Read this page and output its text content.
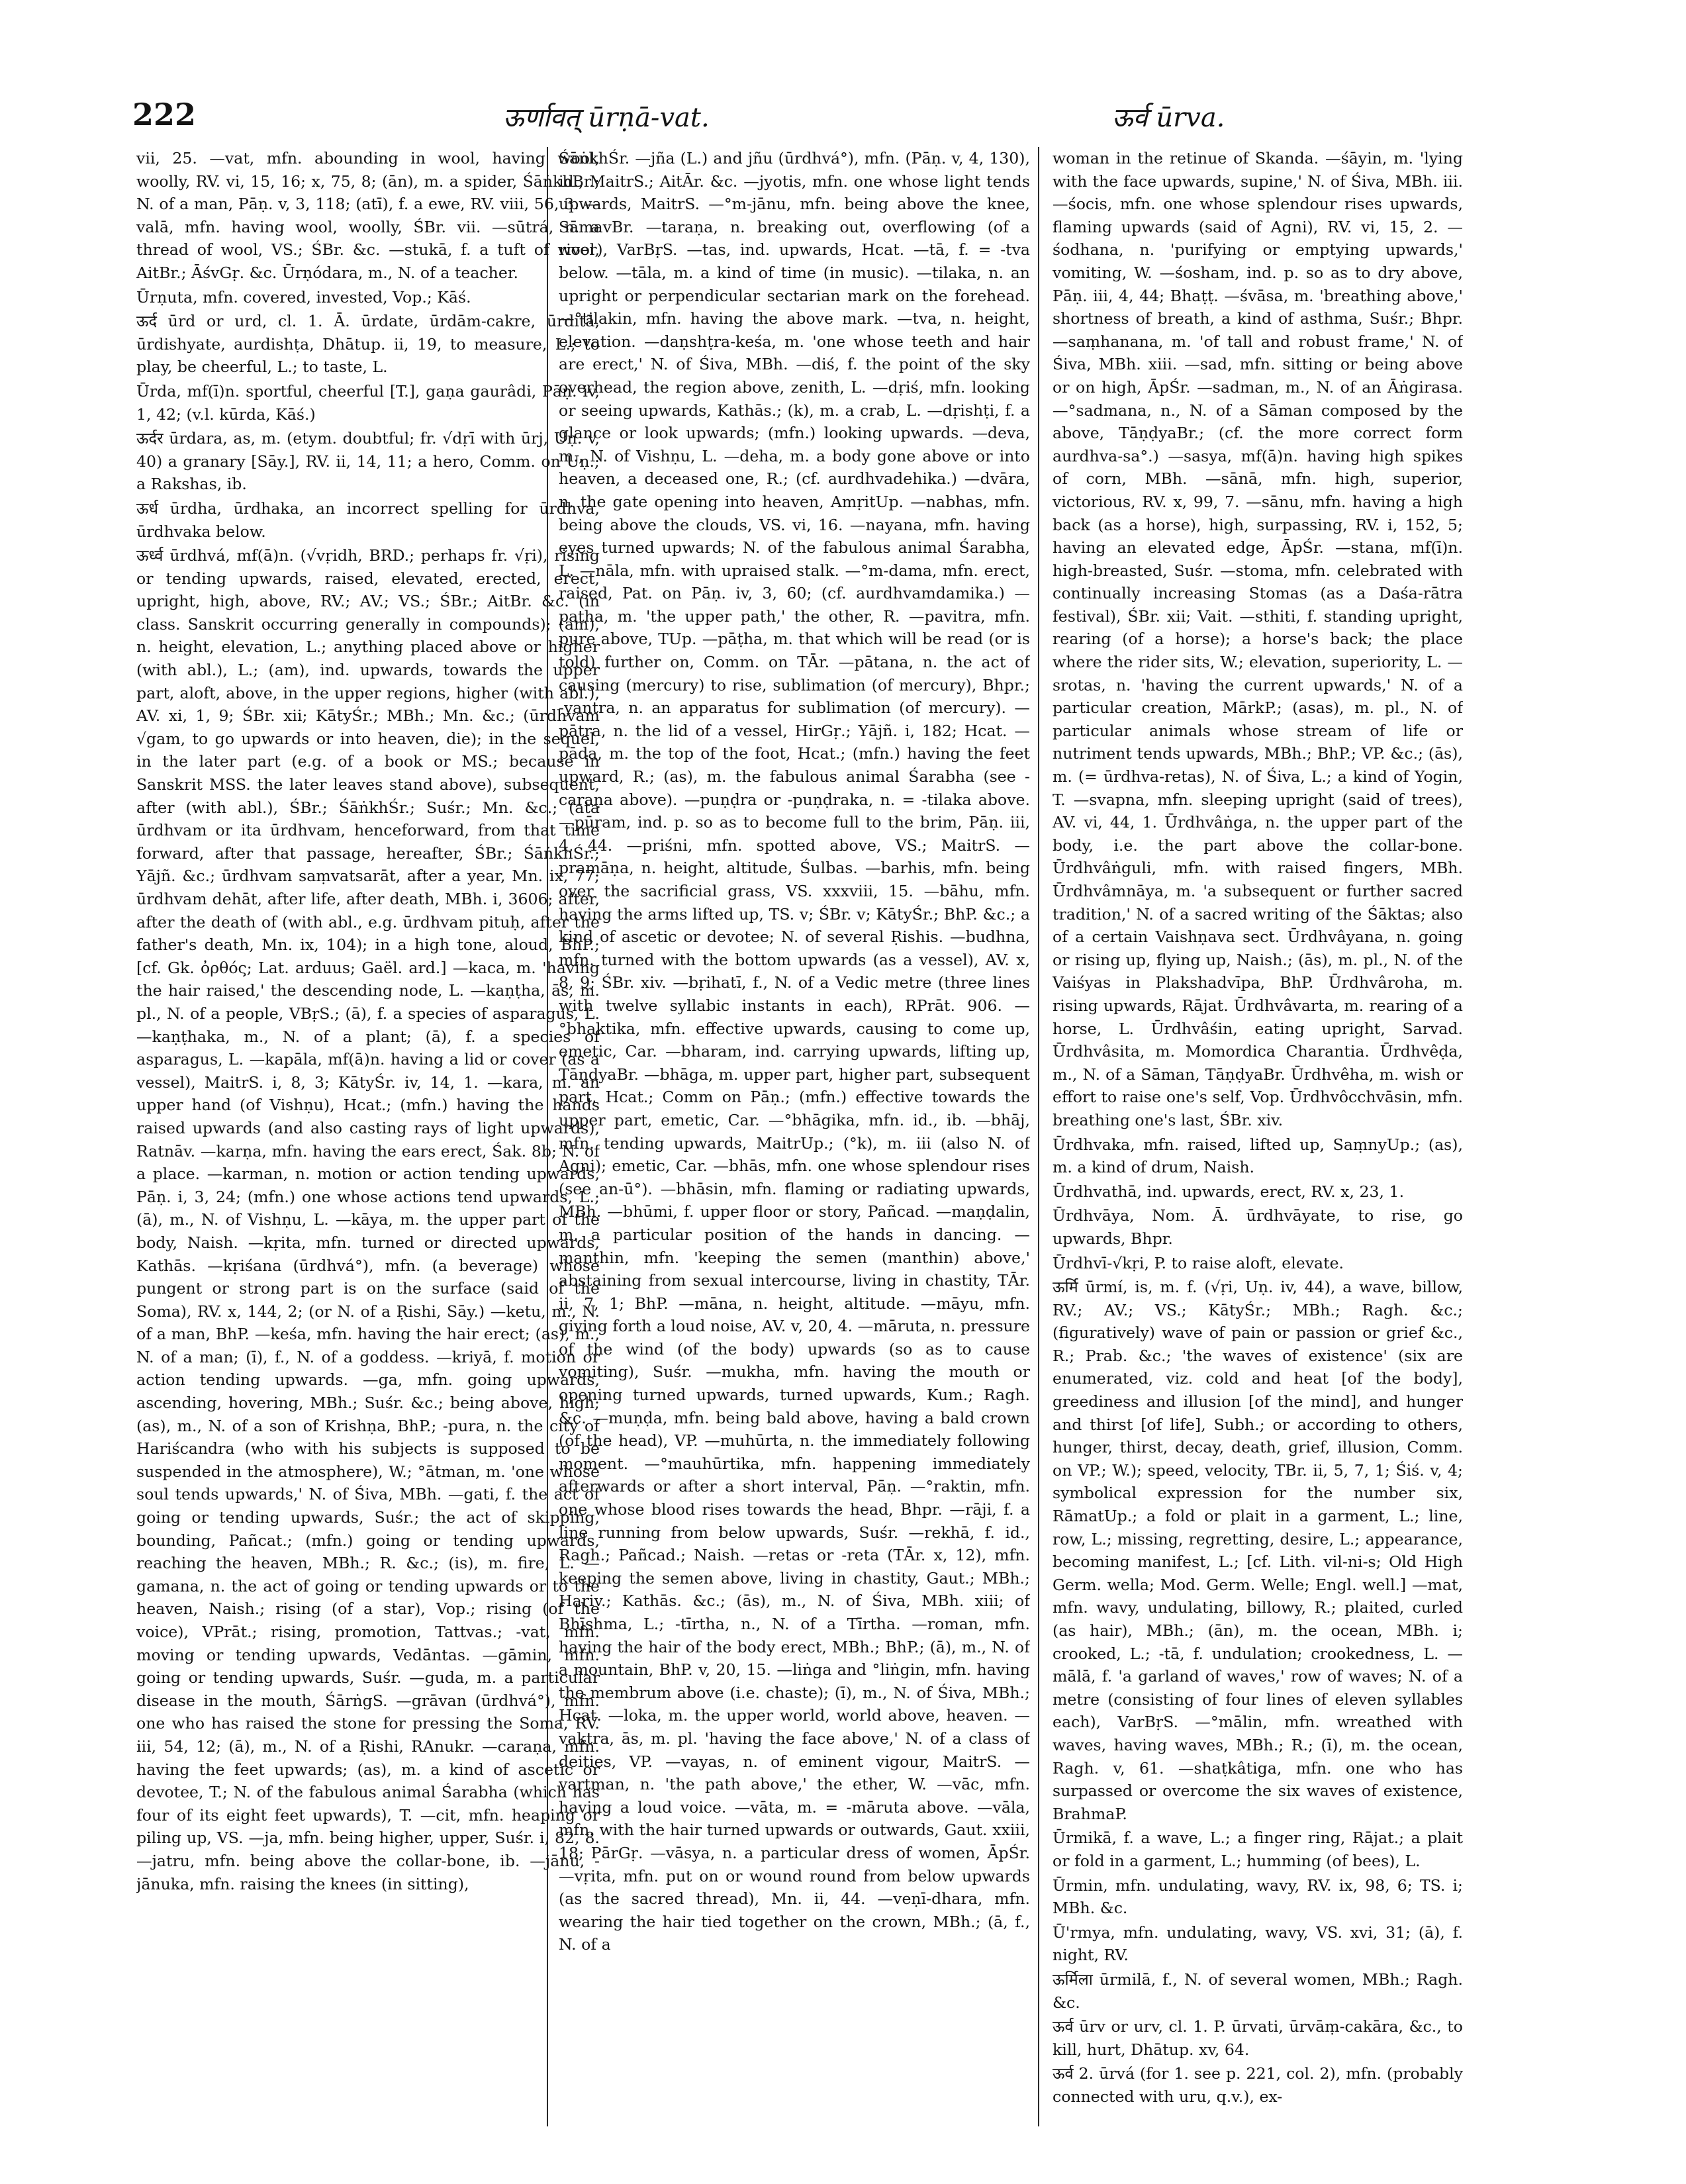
222	ऊर्णावत् ūrṇā-vat.	ऊर्व ūrva.

vii, 25. —vat, mfn. abounding in wool, having wool, woolly, RV. vi, 15, 16; x, 75, 8; (ān), m. a spider, ŚāṅkhBr.; N. of a man, Pāṇ. v, 3, 118; (atī), f. a ewe, RV. viii, 56, 3. —valā, mfn. having wool, woolly, ŚBr. vii. —sūtrá, n. a thread of wool, VS.; ŚBr. &c. —stukā, f. a tuft of wool, AitBr.; ĀśvGṛ. &c. Ūrṇódara, m., N. of a teacher.

Ūrṇuta, mfn. covered, invested, Vop.; Kāś.

ऊर्द ūrd or urd, cl. 1. Ā. ūrdate, ūrdām-cakre, ūrditā, ūrdishyate, aurdishṭa, Dhātup. ii, 19, to measure, L.; to play, be cheerful, L.; to taste, L.

Ūrda, mf(ī)n. sportful, cheerful [T.], gaṇa gaurâdi, Pāṇ. iv, 1, 42; (v.l. kūrda, Kāś.)

ऊर्दर ūrdara, as, m. (etym. doubtful; fr. √dṛī with ūrj, Uṇ. v, 40) a granary [Sāy.], RV. ii, 14, 11; a hero, Comm. on Uṇ.; a Rakshas, ib.

ऊर्ध ūrdha, ūrdhaka, an incorrect spelling for ūrdhva, ūrdhvaka below.

ऊर्ध्व ūrdhvá, mf(ā)n. (√vṛidh, BRD.; perhaps fr. √ṛi), rising or tending upwards, raised, elevated, erected, erect, upright, high, above, RV.; AV.; VS.; ŚBr.; AitBr. &c. (in class. Sanskrit occurring generally in compounds); (am), n. height, elevation, L.; anything placed above or higher (with abl.), L.; (am), ind. upwards, towards the upper part, aloft, above, in the upper regions, higher (with abl.), AV. xi, 1, 9; ŚBr. xii; KātyŚr.; MBh.; Mn. &c.; (ūrdhvam √gam, to go upwards or into heaven, die); in the sequel, in the later part (e.g. of a book or MS.; because in Sanskrit MSS. the later leaves stand above), subsequent, after (with abl.), ŚBr.; ŚāṅkhŚr.; Suśr.; Mn. &c.; (ata ūrdhvam or ita ūrdhvam, henceforward, from that time forward, after that passage, hereafter, ŚBr.; ŚāṅkhŚr.; Yājñ. &c.; ūrdhvam saṃvatsarāt, after a year, Mn. ix, 77; ūrdhvam dehāt, after life, after death, MBh. i, 3606; after, after the death of (with abl., e.g. ūrdhvam pituḥ, after the father's death, Mn. ix, 104); in a high tone, aloud, BhP.; [cf. Gk. ὀρθός; Lat. arduus; Gaël. ard.] —kaca, m. 'having the hair raised,' the descending node, L. —kaṇṭha, ās, m. pl., N. of a people, VBṛS.; (ā), f. a species of asparagus, L. —kaṇṭhaka, m., N. of a plant; (ā), f. a species of asparagus, L. —kapāla, mf(ā)n. having a lid or cover (as a vessel), MaitrS. i, 8, 3; KātyŚr. iv, 14, 1. —kara, m. an upper hand (of Vishṇu), Hcat.; (mfn.) having the hands raised upwards (and also casting rays of light upwards), Ratnāv. —karṇa, mfn. having the ears erect, Śak. 8b; N. of a place. —karman, n. motion or action tending upwards, Pāṇ. i, 3, 24; (mfn.) one whose actions tend upwards, L.; (ā), m., N. of Vishṇu, L. —kāya, m. the upper part of the body, Naish. —kṛita, mfn. turned or directed upwards, Kathās. —kṛiśana (ūrdhvá°), mfn. (a beverage) whose pungent or strong part is on the surface (said of the Soma), RV. x, 144, 2; (or N. of a Ṛishi, Sāy.) —ketu, m., N. of a man, BhP. —keśa, mfn. having the hair erect; (as), m., N. of a man; (ī), f., N. of a goddess. —kriyā, f. motion or action tending upwards. —ga, mfn. going upwards, ascending, hovering, MBh.; Suśr. &c.; being above, high; (as), m., N. of a son of Krishṇa, BhP.; -pura, n. the city of Hariścandra (who with his subjects is supposed to be suspended in the atmosphere), W.; °ātman, m. 'one whose soul tends upwards,' N. of Śiva, MBh. —gati, f. the act of going or tending upwards, Suśr.; the act of skipping, bounding, Pañcat.; (mfn.) going or tending upwards, reaching the heaven, MBh.; R. &c.; (is), m. fire, L. —gamana, n. the act of going or tending upwards or to the heaven, Naish.; rising (of a star), Vop.; rising (of the voice), VPrāt.; rising, promotion, Tattvas.; -vat, mfn. moving or tending upwards, Vedāntas. —gāmin, mfn. going or tending upwards, Suśr. —guda, m. a particular disease in the mouth, ŚārṅgS. —grāvan (ūrdhvá°), mfn. one who has raised the stone for pressing the Soma, RV. iii, 54, 12; (ā), m., N. of a Ṛishi, RAnukr. —caraṇa, mfn. having the feet upwards; (as), m. a kind of ascetic or devotee, T.; N. of the fabulous animal Śarabha (which has four of its eight feet upwards), T. —cit, mfn. heaping or piling up, VS. —ja, mfn. being higher, upper, Suśr. i, 82, 8. —jatru, mfn. being above the collar-bone, ib. —jānu, -jānuka, mfn. raising the knees (in sitting),

ŚāṅkhŚr. —jña (L.) and jñu (ūrdhvá°), mfn. (Pāṇ. v, 4, 130), id., MaitrS.; AitĀr. &c. —jyotis, mfn. one whose light tends upwards, MaitrS. —°m-jānu, mfn. being above the knee, SāmavBr. —taraṇa, n. breaking out, overflowing (of a river), VarBṛS. —tas, ind. upwards, Hcat. —tā, f. = -tva below. —tāla, m. a kind of time (in music). —tilaka, n. an upright or perpendicular sectarian mark on the forehead. —°tilakin, mfn. having the above mark. —tva, n. height, elevation. —daṇshṭra-keśa, m. 'one whose teeth and hair are erect,' N. of Śiva, MBh. —diś, f. the point of the sky overhead, the region above, zenith, L. —dṛiś, mfn. looking or seeing upwards, Kathās.; (k), m. a crab, L. —dṛishṭi, f. a glance or look upwards; (mfn.) looking upwards. —deva, m., N. of Vishṇu, L. —deha, m. a body gone above or into heaven, a deceased one, R.; (cf. aurdhvadehika.) —dvāra, n. the gate opening into heaven, AmṛitUp. —nabhas, mfn. being above the clouds, VS. vi, 16. —nayana, mfn. having eyes turned upwards; N. of the fabulous animal Śarabha, L. —nāla, mfn. with upraised stalk. —°m-dama, mfn. erect, raised, Pat. on Pāṇ. iv, 3, 60; (cf. aurdhvamdamika.) —patha, m. 'the upper path,' the other, R. —pavitra, mfn. pure above, TUp. —pāṭha, m. that which will be read (or is told) further on, Comm. on TĀr. —pātana, n. the act of causing (mercury) to rise, sublimation (of mercury), Bhpr.; -yantra, n. an apparatus for sublimation (of mercury). —pātra, n. the lid of a vessel, HirGṛ.; Yājñ. i, 182; Hcat. —pāda, m. the top of the foot, Hcat.; (mfn.) having the feet upward, R.; (as), m. the fabulous animal Śarabha (see -caraṇa above). —puṇḍra or -puṇḍraka, n. = -tilaka above. —pūram, ind. p. so as to become full to the brim, Pāṇ. iii, 4, 44. —priśni, mfn. spotted above, VS.; MaitrS. —pramāṇa, n. height, altitude, Śulbas. —barhis, mfn. being over the sacrificial grass, VS. xxxviii, 15. —bāhu, mfn. having the arms lifted up, TS. v; ŚBr. v; KātyŚr.; BhP. &c.; a kind of ascetic or devotee; N. of several Ṛishis. —budhna, mfn. turned with the bottom upwards (as a vessel), AV. x, 8, 9; ŚBr. xiv. —bṛihatī, f., N. of a Vedic metre (three lines with twelve syllabic instants in each), RPrāt. 906. —°bhaktika, mfn. effective upwards, causing to come up, emetic, Car. —bharam, ind. carrying upwards, lifting up, TāṇḍyaBr. —bhāga, m. upper part, higher part, subsequent part, Hcat.; Comm on Pāṇ.; (mfn.) effective towards the upper part, emetic, Car. —°bhāgika, mfn. id., ib. —bhāj, mfn. tending upwards, MaitrUp.; (°k), m. iii (also N. of Agni); emetic, Car. —bhās, mfn. one whose splendour rises (see an-ū°). —bhāsin, mfn. flaming or radiating upwards, MBh. —bhūmi, f. upper floor or story, Pañcad. —maṇḍalin, m. a particular position of the hands in dancing. —manthin, mfn. 'keeping the semen (manthin) above,' abstaining from sexual intercourse, living in chastity, TĀr. ii, 7, 1; BhP. —māna, n. height, altitude. —māyu, mfn. giving forth a loud noise, AV. v, 20, 4. —māruta, n. pressure of the wind (of the body) upwards (so as to cause vomiting), Suśr. —mukha, mfn. having the mouth or opening turned upwards, turned upwards, Kum.; Ragh. &c. —muṇḍa, mfn. being bald above, having a bald crown (of the head), VP. —muhūrta, n. the immediately following moment. —°mauhūrtika, mfn. happening immediately afterwards or after a short interval, Pāṇ. —°raktin, mfn. one whose blood rises towards the head, Bhpr. —rāji, f. a line running from below upwards, Suśr. —rekhā, f. id., Ragh.; Pañcad.; Naish. —retas or -reta (TĀr. x, 12), mfn. keeping the semen above, living in chastity, Gaut.; MBh.; Hariv.; Kathās. &c.; (ās), m., N. of Śiva, MBh. xiii; of Bhīshma, L.; -tīrtha, n., N. of a Tīrtha. —roman, mfn. having the hair of the body erect, MBh.; BhP.; (ā), m., N. of a mountain, BhP. v, 20, 15. —liṅga and °liṅgin, mfn. having the membrum above (i.e. chaste); (ī), m., N. of Śiva, MBh.; Hcat. —loka, m. the upper world, world above, heaven. —vaktra, ās, m. pl. 'having the face above,' N. of a class of deities, VP. —vayas, n. of eminent vigour, MaitrS. —vartman, n. 'the path above,' the ether, W. —vāc, mfn. having a loud voice. —vāta, m. = -māruta above. —vāla, mfn. with the hair turned upwards or outwards, Gaut. xxiii, 18; PārGṛ. —vāsya, n. a particular dress of women, ĀpŚr. —vṛita, mfn. put on or wound round from below upwards (as the sacred thread), Mn. ii, 44. —veṇī-dhara, mfn. wearing the hair tied together on the crown, MBh.; (ā, f., N. of a

woman in the retinue of Skanda. —śāyin, m. 'lying with the face upwards, supine,' N. of Śiva, MBh. iii. —śocis, mfn. one whose splendour rises upwards, flaming upwards (said of Agni), RV. vi, 15, 2. —śodhana, n. 'purifying or emptying upwards,' vomiting, W. —śosham, ind. p. so as to dry above, Pāṇ. iii, 4, 44; Bhaṭṭ. —śvāsa, m. 'breathing above,' shortness of breath, a kind of asthma, Suśr.; Bhpr. —saṃhanana, m. 'of tall and robust frame,' N. of Śiva, MBh. xiii. —sad, mfn. sitting or being above or on high, ĀpŚr. —sadman, m., N. of an Āṅgirasa. —°sadmana, n., N. of a Sāman composed by the above, TāṇḍyaBr.; (cf. the more correct form aurdhva-sa°.) —sasya, mf(ā)n. having high spikes of corn, MBh. —sānā, mfn. high, superior, victorious, RV. x, 99, 7. —sānu, mfn. having a high back (as a horse), high, surpassing, RV. i, 152, 5; having an elevated edge, ĀpŚr. —stana, mf(ī)n. high-breasted, Suśr. —stoma, mfn. celebrated with continually increasing Stomas (as a Daśa-rātra festival), ŚBr. xii; Vait. —sthiti, f. standing upright, rearing (of a horse); a horse's back; the place where the rider sits, W.; elevation, superiority, L. —srotas, n. 'having the current upwards,' N. of a particular creation, MārkP.; (asas), m. pl., N. of particular animals whose stream of life or nutriment tends upwards, MBh.; BhP.; VP. &c.; (ās), m. (= ūrdhva-retas), N. of Śiva, L.; a kind of Yogin, T. —svapna, mfn. sleeping upright (said of trees), AV. vi, 44, 1. Ūrdhvâṅga, n. the upper part of the body, i.e. the part above the collar-bone. Ūrdhvâṅguli, mfn. with raised fingers, MBh. Ūrdhvâmnāya, m. 'a subsequent or further sacred tradition,' N. of a sacred writing of the Śāktas; also of a certain Vaishṇava sect. Ūrdhvâyana, n. going or rising up, flying up, Naish.; (ās), m. pl., N. of the Vaiśyas in Plakshadvīpa, BhP. Ūrdhvâroha, m. rising upwards, Rājat. Ūrdhvâvarta, m. rearing of a horse, L. Ūrdhvâśin, eating upright, Sarvad. Ūrdhvâsita, m. Momordica Charantia. Ūrdhvêḍa, m., N. of a Sāman, TāṇḍyaBr. Ūrdhvêha, m. wish or effort to raise one's self, Vop. Ūrdhvôcchvāsin, mfn. breathing one's last, ŚBr. xiv.

Ūrdhvaka, mfn. raised, lifted up, SaṃnyUp.; (as), m. a kind of drum, Naish.

Ūrdhvathā, ind. upwards, erect, RV. x, 23, 1.

Ūrdhvāya, Nom. Ā. ūrdhvāyate, to rise, go upwards, Bhpr.

Ūrdhvī-√kṛi, P. to raise aloft, elevate.

ऊर्मि ūrmí, is, m. f. (√ṛi, Uṇ. iv, 44), a wave, billow, RV.; AV.; VS.; KātyŚr.; MBh.; Ragh. &c.; (figuratively) wave of pain or passion or grief &c., R.; Prab. &c.; 'the waves of existence' (six are enumerated, viz. cold and heat [of the body], greediness and illusion [of the mind], and hunger and thirst [of life], Subh.; or according to others, hunger, thirst, decay, death, grief, illusion, Comm. on VP.; W.); speed, velocity, TBr. ii, 5, 7, 1; Śiś. v, 4; symbolical expression for the number six, RāmatUp.; a fold or plait in a garment, L.; line, row, L.; missing, regretting, desire, L.; appearance, becoming manifest, L.; [cf. Lith. vil-ni-s; Old High Germ. wella; Mod. Germ. Welle; Engl. well.] —mat, mfn. wavy, undulating, billowy, R.; plaited, curled (as hair), MBh.; (ān), m. the ocean, MBh. i; crooked, L.; -tā, f. undulation; crookedness, L. —mālā, f. 'a garland of waves,' row of waves; N. of a metre (consisting of four lines of eleven syllables each), VarBṛS. —°mālin, mfn. wreathed with waves, having waves, MBh.; R.; (ī), m. the ocean, Ragh. v, 61. —shaṭkâtiga, mfn. one who has surpassed or overcome the six waves of existence, BrahmaP.

Ūrmikā, f. a wave, L.; a finger ring, Rājat.; a plait or fold in a garment, L.; humming (of bees), L.

Ūrmin, mfn. undulating, wavy, RV. ix, 98, 6; TS. i; MBh. &c.

Ū'rmya, mfn. undulating, wavy, VS. xvi, 31; (ā), f. night, RV.

ऊर्मिला ūrmilā, f., N. of several women, MBh.; Ragh. &c.

ऊर्व ūrv or urv, cl. 1. P. ūrvati, ūrvāṃ-cakāra, &c., to kill, hurt, Dhātup. xv, 64.

ऊर्व 2. ūrvá (for 1. see p. 221, col. 2), mfn. (probably connected with uru, q.v.), ex-
